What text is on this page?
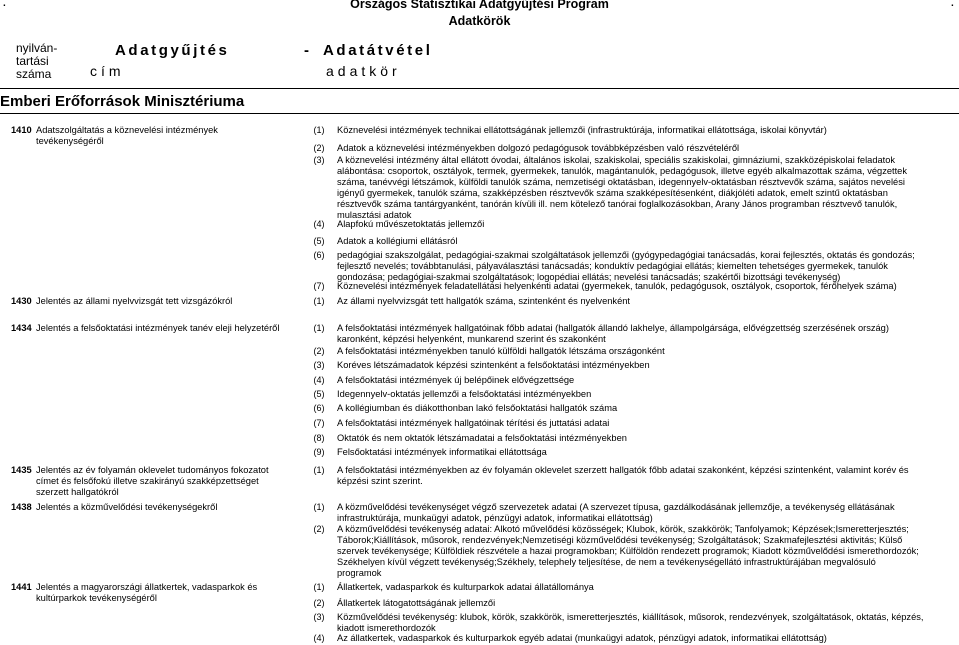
.	.
Országos Statisztikai Adatgyűjtési Program
Adatkörök
nyilván-
tartási
száma
Adatgyűjtés
cím
- Adatátvétel
adatkör
Emberi Erőforrások Minisztériuma
1410 Adatszolgáltatás a köznevelési intézmények
tevékenységéről
(1)	Köznevelési intézmények technikai ellátottságának jellemzői (infrastruktúrája, informatikai ellátottsága, iskolai könyvtár)
(2)	Adatok a köznevelési intézményekben dolgozó pedagógusok továbbképzésben való részvételéről
(3)	A köznevelési intézmény által ellátott óvodai, általános iskolai, szakiskolai, speciális szakiskolai, gimnáziumi, szakközépiskolai feladatok
alábontása: csoportok, osztályok, termek, gyermekek, tanulók, magántanulók, pedagógusok, illetve egyéb alkalmazottak száma, végzettek
száma, tanévvégi létszámok, külföldi tanulók száma, nemzetiségi oktatásban, idegennyelv-oktatásban résztvevők száma, sajátos nevelési
igényű gyermekek, tanulók száma, szakképzésben résztvevők száma szakképesítésenként, diákjóléti adatok, emelt szintű oktatásban
résztvevők száma tantárgyanként, tanórán kívüli ill. nem kötelező tanórai foglalkozásokban, Arany János programban résztvevő tanulók,
mulasztási adatok
(4)	Alapfokú művészetoktatás jellemzői
(5)	Adatok a kollégiumi ellátásról
(6)	pedagógiai szakszolgálat, pedagógiai-szakmai szolgáltatások jellemzői (gyógypedagógiai tanácsadás, korai fejlesztés, oktatás és gondozás;
fejlesztő nevelés; továbbtanulási, pályaválasztási tanácsadás; konduktív pedagógiai ellátás; kiemelten tehetséges gyermekek, tanulók
gondozása; pedagógiai-szakmai szolgáltatások; logopédiai ellátás; nevelési tanácsadás; szakértői bizottsági tevékenység)
(7)	Köznevelési intézmények feladatellátási helyenkénti adatai (gyermekek, tanulók, pedagógusok, osztályok, csoportok, férőhelyek száma)
1430 Jelentés az állami nyelvvizsgát tett vizsgázókról	(1)	Az állami nyelvvizsgát tett hallgatók száma, szintenként és nyelvenként
1434 Jelentés a felsőoktatási intézmények tanév eleji helyzetéről	(1)	A felsőoktatási intézmények hallgatóinak főbb adatai (hallgatók állandó lakhelye, állampolgársága, elővégzettség szerzésének ország)
karonként, képzési helyenként, munkarend szerint és szakonként
(2)	A felsőoktatási intézményekben tanuló külföldi hallgatók létszáma országonként
(3)	Koréves létszámadatok képzési szintenként a felsőoktatási intézményekben
(4)	A felsőoktatási intézmények új belépőinek elővégzettsége
(5)	Idegennyelv-oktatás jellemzői a felsőoktatási intézményekben
(6)	A kollégiumban és diákotthonban lakó felsőoktatási hallgatók száma
(7)	A felsőoktatási intézmények hallgatóinak térítési és juttatási adatai
(8)	Oktatók és nem oktatók létszámadatai a felsőoktatási intézményekben
(9)	Felsőoktatási intézmények informatikai ellátottsága
1435 Jelentés az év folyamán oklevelet tudományos fokozatot
címet és felsőfokú illetve szakirányú szakképzettséget
szerzett hallgatókról
(1)	A felsőoktatási intézményekben az év folyamán oklevelet szerzett hallgatók főbb adatai szakonként, képzési szintenként, valamint korév és
képzési szint szerint.
1438 Jelentés a közművelődési tevékenységekről	(1)	A közművelődési tevékenységet végző szervezetek adatai (A szervezet típusa, gazdálkodásának jellemzője, a tevékenység ellátásának
infrastruktúrája, munkaügyi adatok, pénzügyi adatok, informatikai ellátottság)
(2)	A közművelődési tevékenység adatai: Alkotó művelődési közösségek; Klubok, körök, szakkörök; Tanfolyamok; Képzések;Ismeretterjesztés;
Táborok;Kiállítások, műsorok, rendezvények;Nemzetiségi közművelődési tevékenység; Szolgáltatások; Szakmafejlesztési aktivitás; Külső
szervek tevékenysége; Külföldiek részvétele a hazai programokban; Külföldön rendezett programok; Kiadott közművelődési ismerethordozók;
Székhelyen kívül végzett tevékenység;Székhely, telephely teljesítése, de nem a tevékenységellátó infrastruktúrájában megvalósuló
programok
1441 Jelentés a magyarországi állatkertek, vadasparkok és
kultúrparkok tevékenységéről
(1)	Állatkertek, vadasparkok és kulturparkok adatai állatállománya
(2)	Állatkertek látogatottságának jellemzői
(3)	Közművelődési tevékenység: klubok, körök, szakkörök, ismeretterjesztés, kiállítások, műsorok, rendezvények, szolgáltatások, oktatás, képzés,
kiadott ismerethordozók
(4)	Az állatkertek, vadasparkok és kulturparkok egyéb adatai (munkaügyi adatok, pénzügyi adatok, informatikai ellátottság)
